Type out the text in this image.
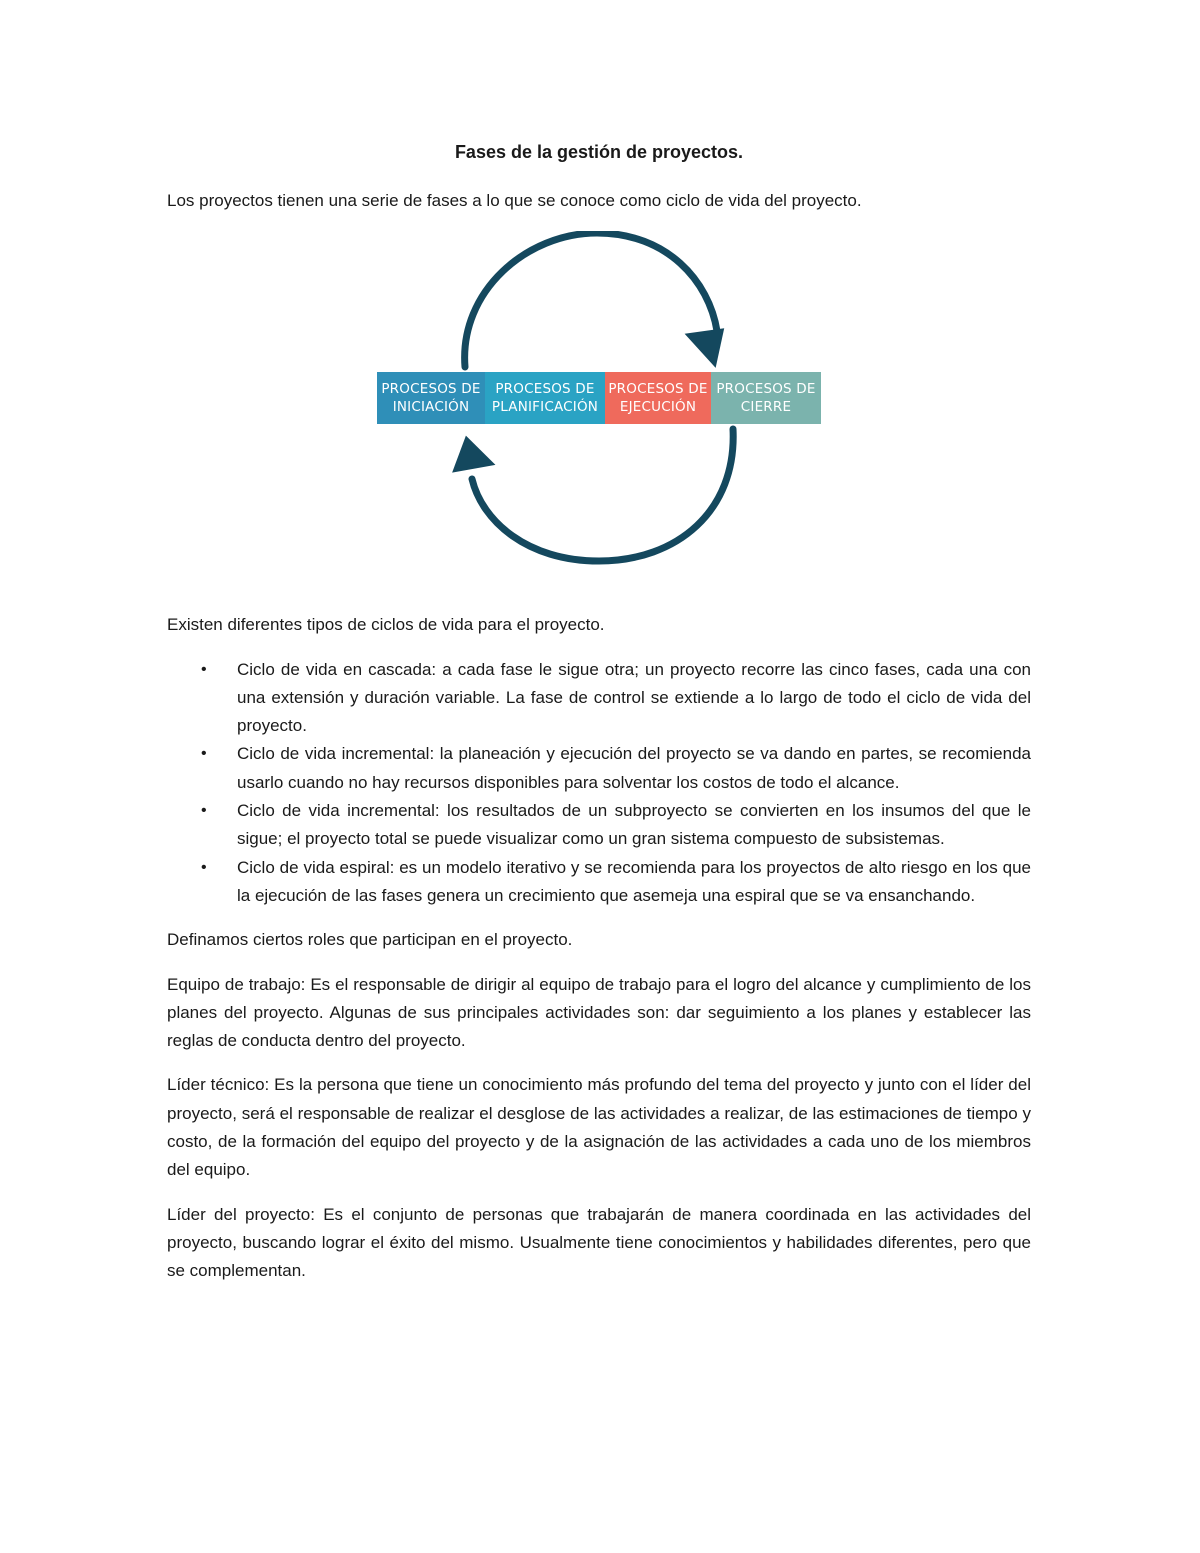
Fases de la gestión de proyectos.

Los proyectos tienen una serie de fases a lo que se conoce como ciclo de vida del proyecto.

PROCESOS DE
INICIACIÓN
PROCESOS DE
PLANIFICACIÓN
PROCESOS DE
EJECUCIÓN
PROCESOS DE
CIERRE

Existen diferentes tipos de ciclos de vida para el proyecto.

• Ciclo de vida en cascada: a cada fase le sigue otra; un proyecto recorre las cinco fases, cada una con una extensión y duración variable. La fase de control se extiende a lo largo de todo el ciclo de vida del proyecto.
• Ciclo de vida incremental: la planeación y ejecución del proyecto se va dando en partes, se recomienda usarlo cuando no hay recursos disponibles para solventar los costos de todo el alcance.
• Ciclo de vida incremental: los resultados de un subproyecto se convierten en los insumos del que le sigue; el proyecto total se puede visualizar como un gran sistema compuesto de subsistemas.
• Ciclo de vida espiral: es un modelo iterativo y se recomienda para los proyectos de alto riesgo en los que la ejecución de las fases genera un crecimiento que asemeja una espiral que se va ensanchando.

Definamos ciertos roles que participan en el proyecto.

Equipo de trabajo: Es el responsable de dirigir al equipo de trabajo para el logro del alcance y cumplimiento de los planes del proyecto. Algunas de sus principales actividades son: dar seguimiento a los planes y establecer las reglas de conducta dentro del proyecto.

Líder técnico: Es la persona que tiene un conocimiento más profundo del tema del proyecto y junto con el líder del proyecto, será el responsable de realizar el desglose de las actividades a realizar, de las estimaciones de tiempo y costo, de la formación del equipo del proyecto y de la asignación de las actividades a cada uno de los miembros del equipo.

Líder del proyecto: Es el conjunto de personas que trabajarán de manera coordinada en las actividades del proyecto, buscando lograr el éxito del mismo. Usualmente tiene conocimientos y habilidades diferentes, pero que se complementan.
